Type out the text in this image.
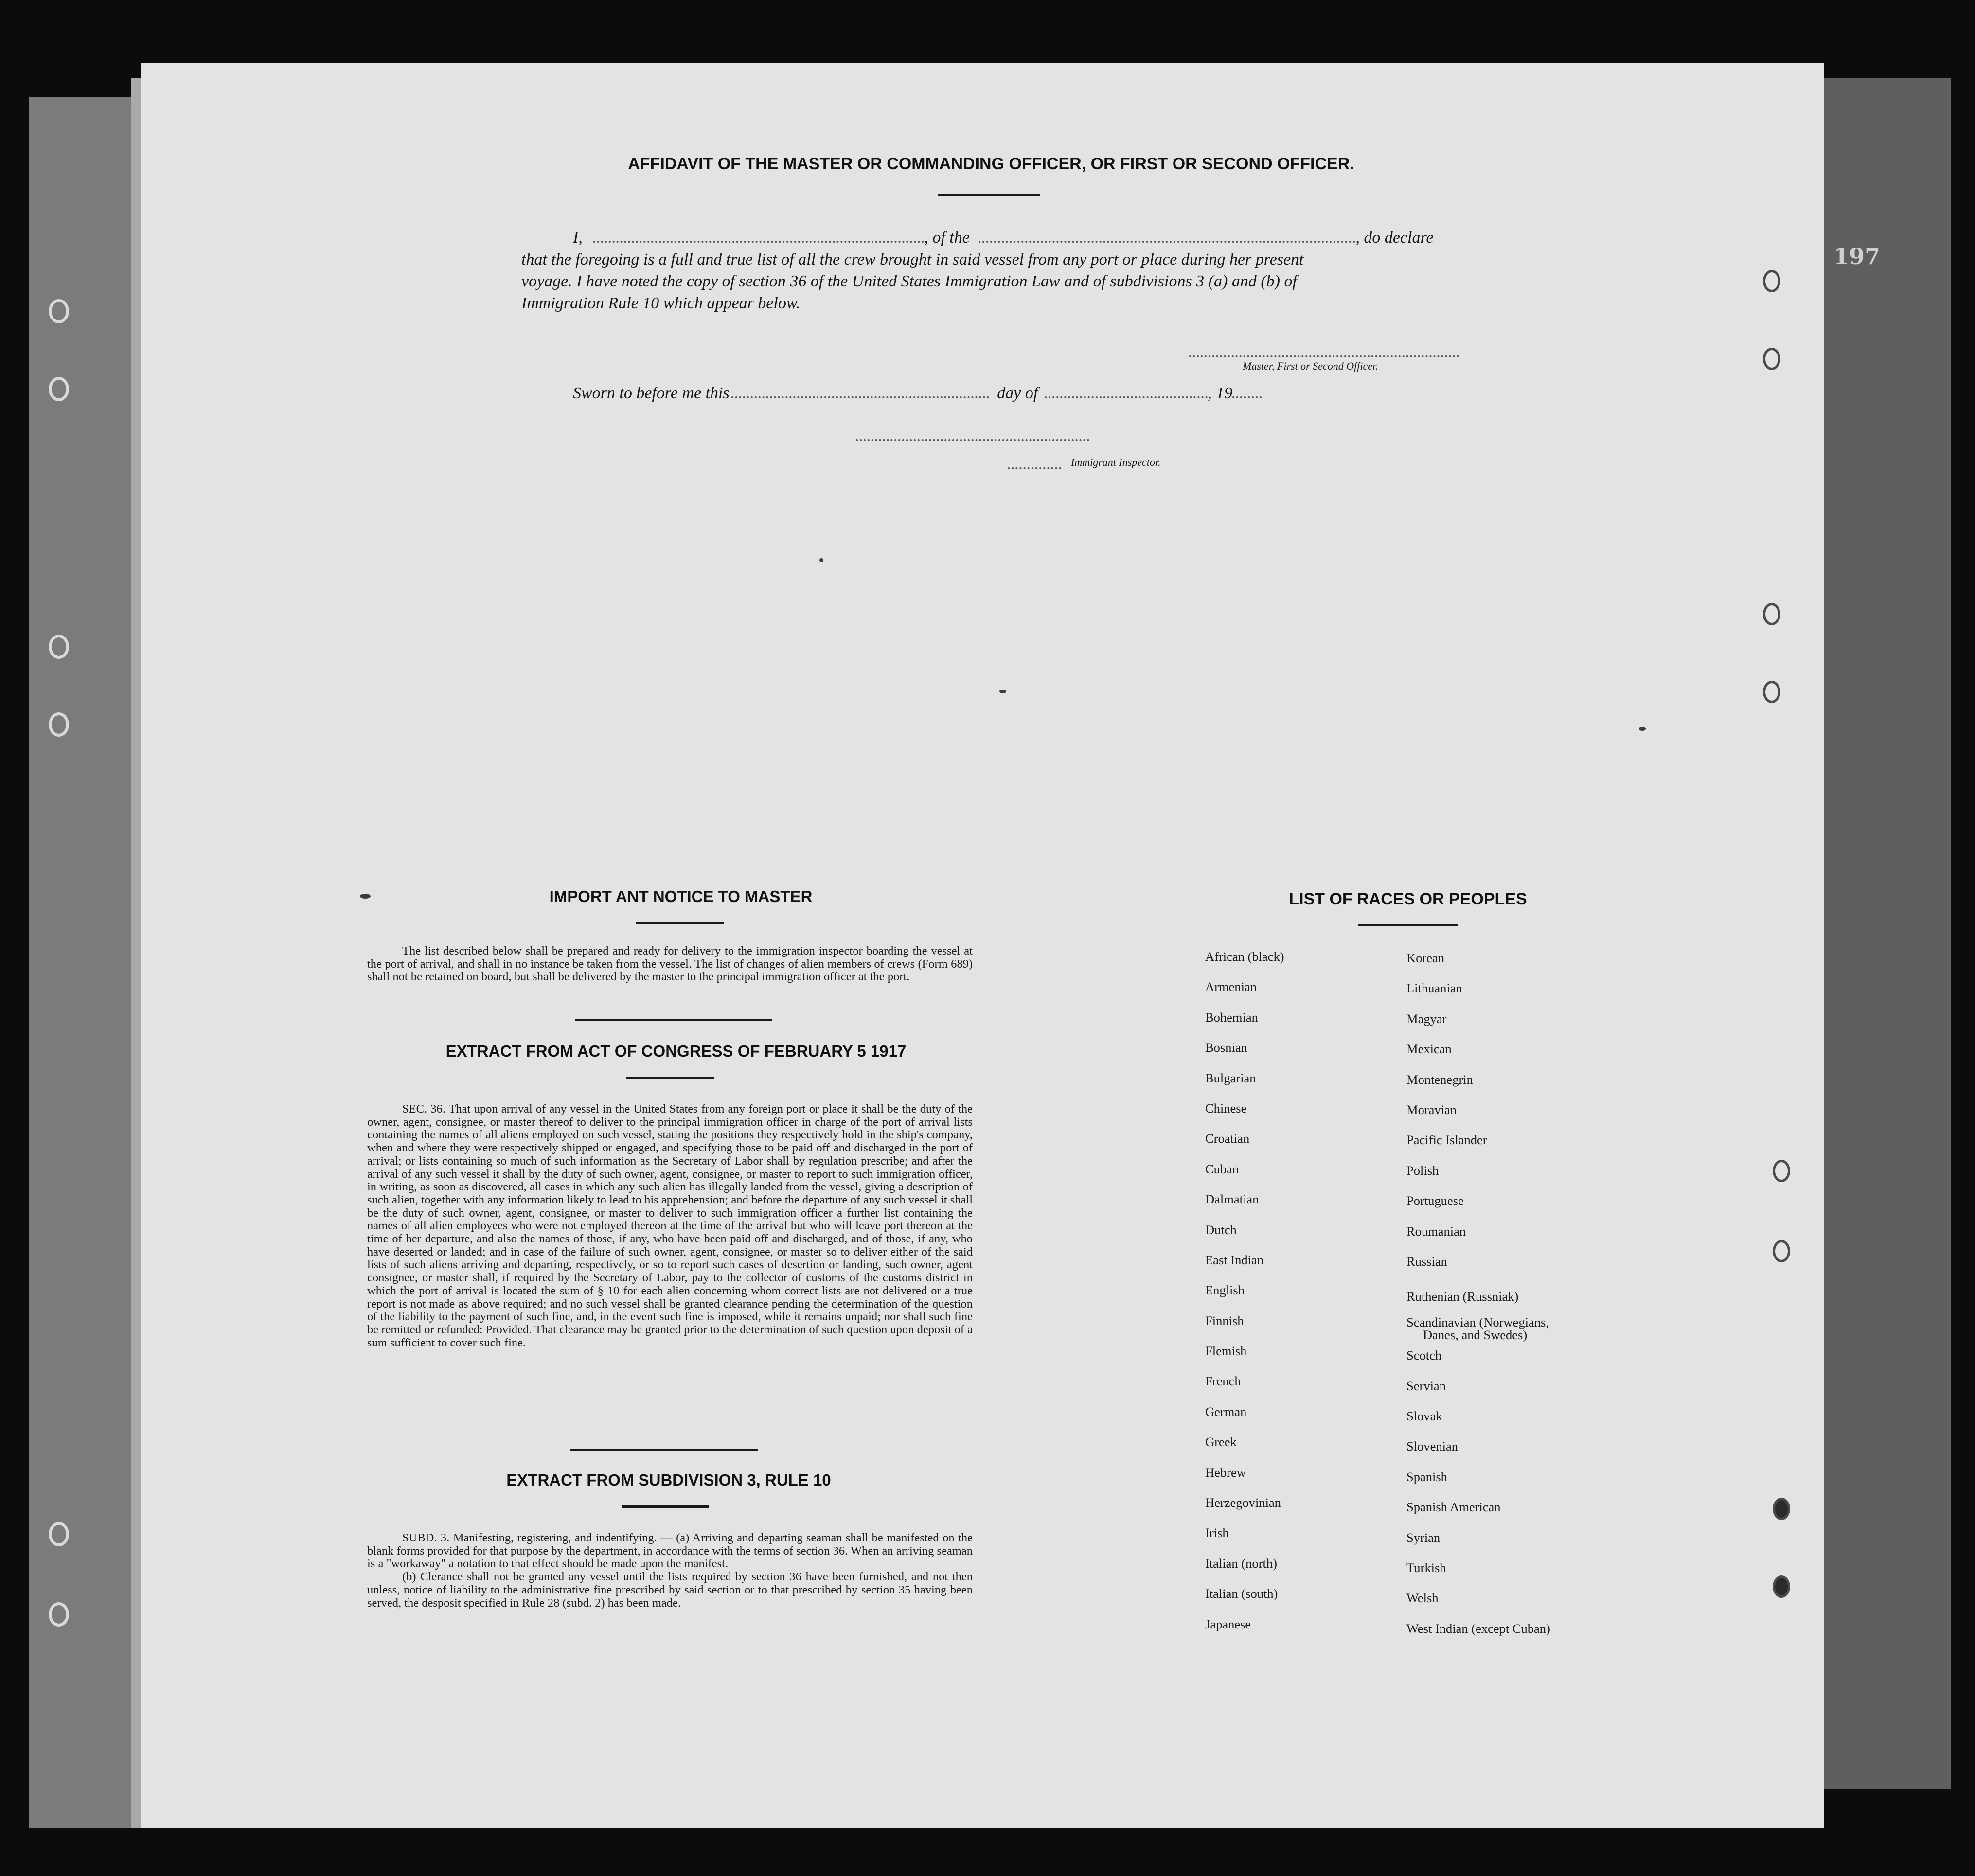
197
AFFIDAVIT OF THE MASTER OR COMMANDING OFFICER, OR FIRST OR SECOND OFFICER.
I,	, of the	, do declare
that the foregoing is a full and true list of all the crew brought in said vessel from any port or place during her present
voyage. I have noted the copy of section 36 of the United States Immigration Law and of subdivisions 3 (a) and (b) of
Immigration Rule 10 which appear below.
Master, First or Second Officer.
Sworn to before me this	day of	, 19
Immigrant Inspector.
IMPORT ANT NOTICE TO MASTER

The list described below shall be prepared and ready for delivery to the immigration inspector boarding the vessel at the port of arrival, and shall in no instance be taken from the vessel. The list of changes of alien members of crews (Form 689) shall not be retained on board, but shall be delivered by the master to the principal immigration officer at the port.

EXTRACT FROM ACT OF CONGRESS OF FEBRUARY 5 1917

SEC. 36. That upon arrival of any vessel in the United States from any foreign port or place it shall be the duty of the owner, agent, consignee, or master thereof to deliver to the principal immigration officer in charge of the port of arrival lists containing the names of all aliens employed on such vessel, stating the positions they respectively hold in the ship's company, when and where they were respectively shipped or engaged, and specifying those to be paid off and discharged in the port of arrival; or lists containing so much of such information as the Secretary of Labor shall by regulation prescribe; and after the arrival of any such vessel it shall by the duty of such owner, agent, consignee, or master to report to such immigration officer, in writing, as soon as discovered, all cases in which any such alien has illegally landed from the vessel, giving a description of such alien, together with any information likely to lead to his apprehension; and before the departure of any such vessel it shall be the duty of such owner, agent, consignee, or master to deliver to such immigration officer a further list containing the names of all alien employees who were not employed thereon at the time of the arrival but who will leave port thereon at the time of her departure, and also the names of those, if any, who have been paid off and discharged, and of those, if any, who have deserted or landed; and in case of the failure of such owner, agent, consignee, or master so to deliver either of the said lists of such aliens arriving and departing, respectively, or so to report such cases of desertion or landing, such owner, agent consignee, or master shall, if required by the Secretary of Labor, pay to the collector of customs of the customs district in which the port of arrival is located the sum of § 10 for each alien concerning whom correct lists are not delivered or a true report is not made as above required; and no such vessel shall be granted clearance pending the determination of the question of the liability to the payment of such fine, and, in the event such fine is imposed, while it remains unpaid; nor shall such fine be remitted or refunded: Provided. That clearance may be granted prior to the determination of such question upon deposit of a sum sufficient to cover such fine.

EXTRACT FROM SUBDIVISION 3, RULE 10

SUBD. 3. Manifesting, registering, and indentifying. — (a) Arriving and departing seaman shall be manifested on the blank forms provided for that purpose by the department, in accordance with the terms of section 36. When an arriving seaman is a "workaway" a notation to that effect should be made upon the manifest.

(b) Clerance shall not be granted any vessel until the lists required by section 36 have been furnished, and not then unless, notice of liability to the administrative fine prescribed by said section or to that prescribed by section 35 having been served, the desposit specified in Rule 28 (subd. 2) has been made.

LIST OF RACES OR PEOPLES
African (black)
Armenian
Bohemian
Bosnian
Bulgarian
Chinese
Croatian
Cuban
Dalmatian
Dutch
East Indian
English
Finnish
Flemish
French
German
Greek
Hebrew
Herzegovinian
Irish
Italian (north)
Italian (south)
Japanese
Korean
Lithuanian
Magyar
Mexican
Montenegrin
Moravian
Pacific Islander
Polish
Portuguese
Roumanian
Russian
Ruthenian (Russniak)
Scandinavian (Norwegians,
Danes, and Swedes)
Scotch
Servian
Slovak
Slovenian
Spanish
Spanish American
Syrian
Turkish
Welsh
West Indian (except Cuban)
